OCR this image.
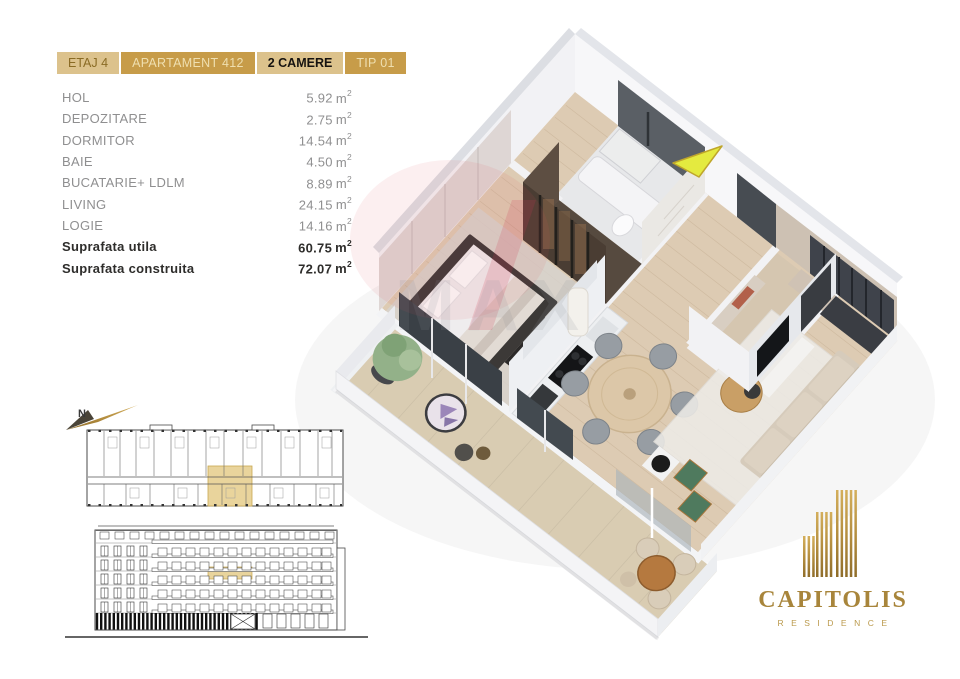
MAX
N
CAPITOLIS
RESIDENCE
ETAJ 4	APARTAMENT 412	2 CAMERE	TIP 01
HOL	5.92 $m^2$
DEPOZITARE	2.75 $m^2$
DORMITOR	14.54 $m^2$
BAIE	4.50 $m^2$
BUCATARIE+ LDLM	8.89 $m^2$
LIVING	24.15 $m^2$
LOGIE	14.16 $m^2$
Suprafata utila	60.75 $m^2$
Suprafata construita	72.07 $m^2$
